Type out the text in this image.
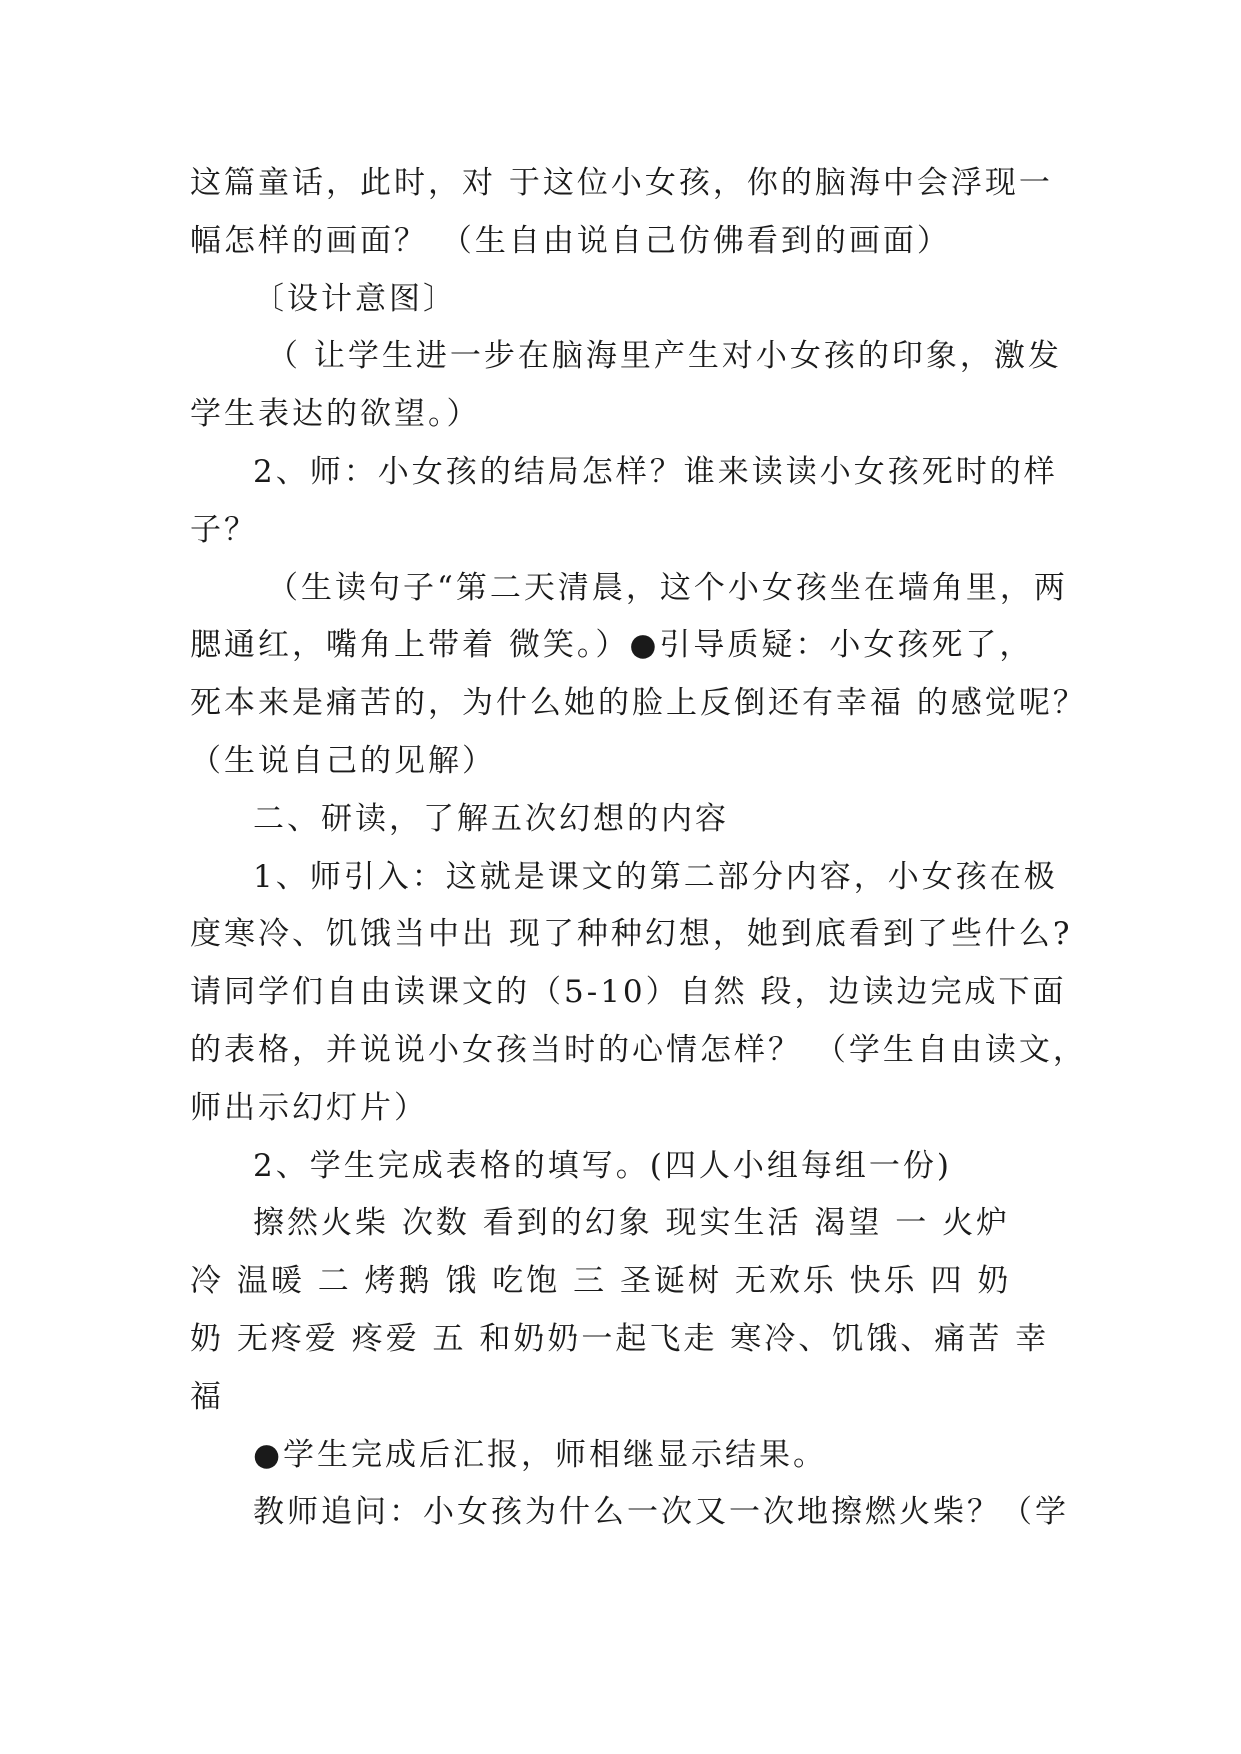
这篇童话，此时，对 于这位小女孩，你的脑海中会浮现一
幅怎样的画面？ （生自由说自己仿佛看到的画面）
〔设计意图〕
（ 让学生进一步在脑海里产生对小女孩的印象，激发
学生表达的欲望。）
2、师：小女孩的结局怎样？谁来读读小女孩死时的样
子？
（生读句子“第二天清晨，这个小女孩坐在墙角里，两
腮通红，嘴角上带着 微笑。）●引导质疑：小女孩死了，
死本来是痛苦的，为什么她的脸上反倒还有幸福 的感觉呢？
（生说自己的见解）
二、研读，了解五次幻想的内容
1、师引入：这就是课文的第二部分内容，小女孩在极
度寒冷、饥饿当中出 现了种种幻想，她到底看到了些什么?
请同学们自由读课文的（5-10）自然 段，边读边完成下面
的表格，并说说小女孩当时的心情怎样？ （学生自由读文，
师出示幻灯片）
2、学生完成表格的填写。(四人小组每组一份)
擦然火柴 次数 看到的幻象 现实生活 渴望 一 火炉
冷 温暖 二 烤鹅 饿 吃饱 三 圣诞树 无欢乐 快乐 四 奶
奶 无疼爱 疼爱 五 和奶奶一起飞走 寒冷、饥饿、痛苦 幸
福
●学生完成后汇报，师相继显示结果。
教师追问：小女孩为什么一次又一次地擦燃火柴？（学
